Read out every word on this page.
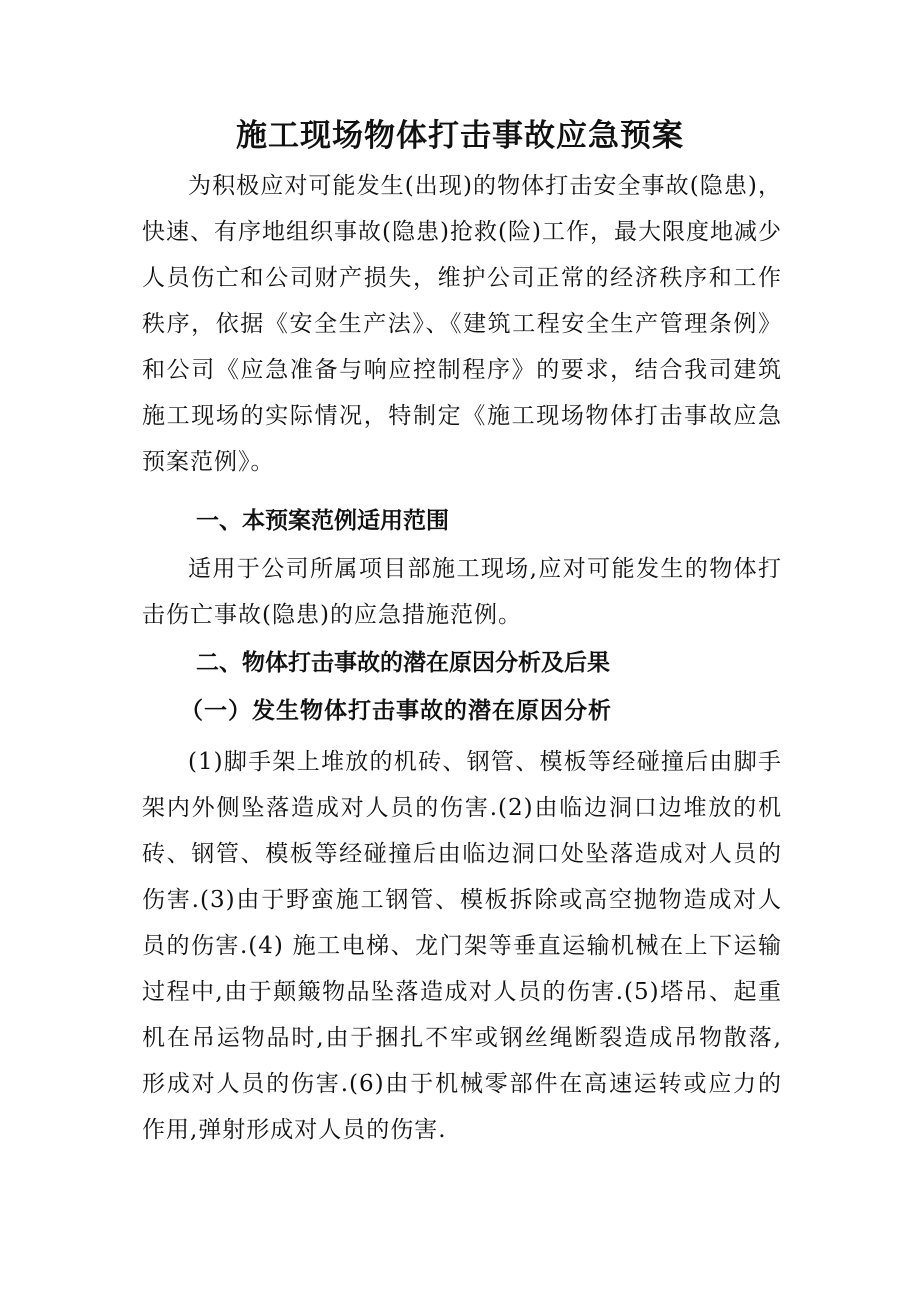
施工现场物体打击事故应急预案

为积极应对可能发生(出现)的物体打击安全事故(隐患)，快速、有序地组织事故(隐患)抢救(险)工作，最大限度地减少人员伤亡和公司财产损失，维护公司正常的经济秩序和工作秩序，依据《安全生产法》、《建筑工程安全生产管理条例》和公司《应急准备与响应控制程序》的要求，结合我司建筑施工现场的实际情况，特制定《施工现场物体打击事故应急预案范例》。

一、本预案范例适用范围

适用于公司所属项目部施工现场,应对可能发生的物体打击伤亡事故(隐患)的应急措施范例。

二、物体打击事故的潜在原因分析及后果
（一）发生物体打击事故的潜在原因分析

(1)脚手架上堆放的机砖、钢管、模板等经碰撞后由脚手架内外侧坠落造成对人员的伤害.(2)由临边洞口边堆放的机砖、钢管、模板等经碰撞后由临边洞口处坠落造成对人员的伤害.(3)由于野蛮施工钢管、模板拆除或高空抛物造成对人员的伤害.(4) 施工电梯、龙门架等垂直运输机械在上下运输过程中,由于颠簸物品坠落造成对人员的伤害.(5)塔吊、起重机在吊运物品时,由于捆扎不牢或钢丝绳断裂造成吊物散落,形成对人员的伤害.(6)由于机械零部件在高速运转或应力的作用,弹射形成对人员的伤害.
